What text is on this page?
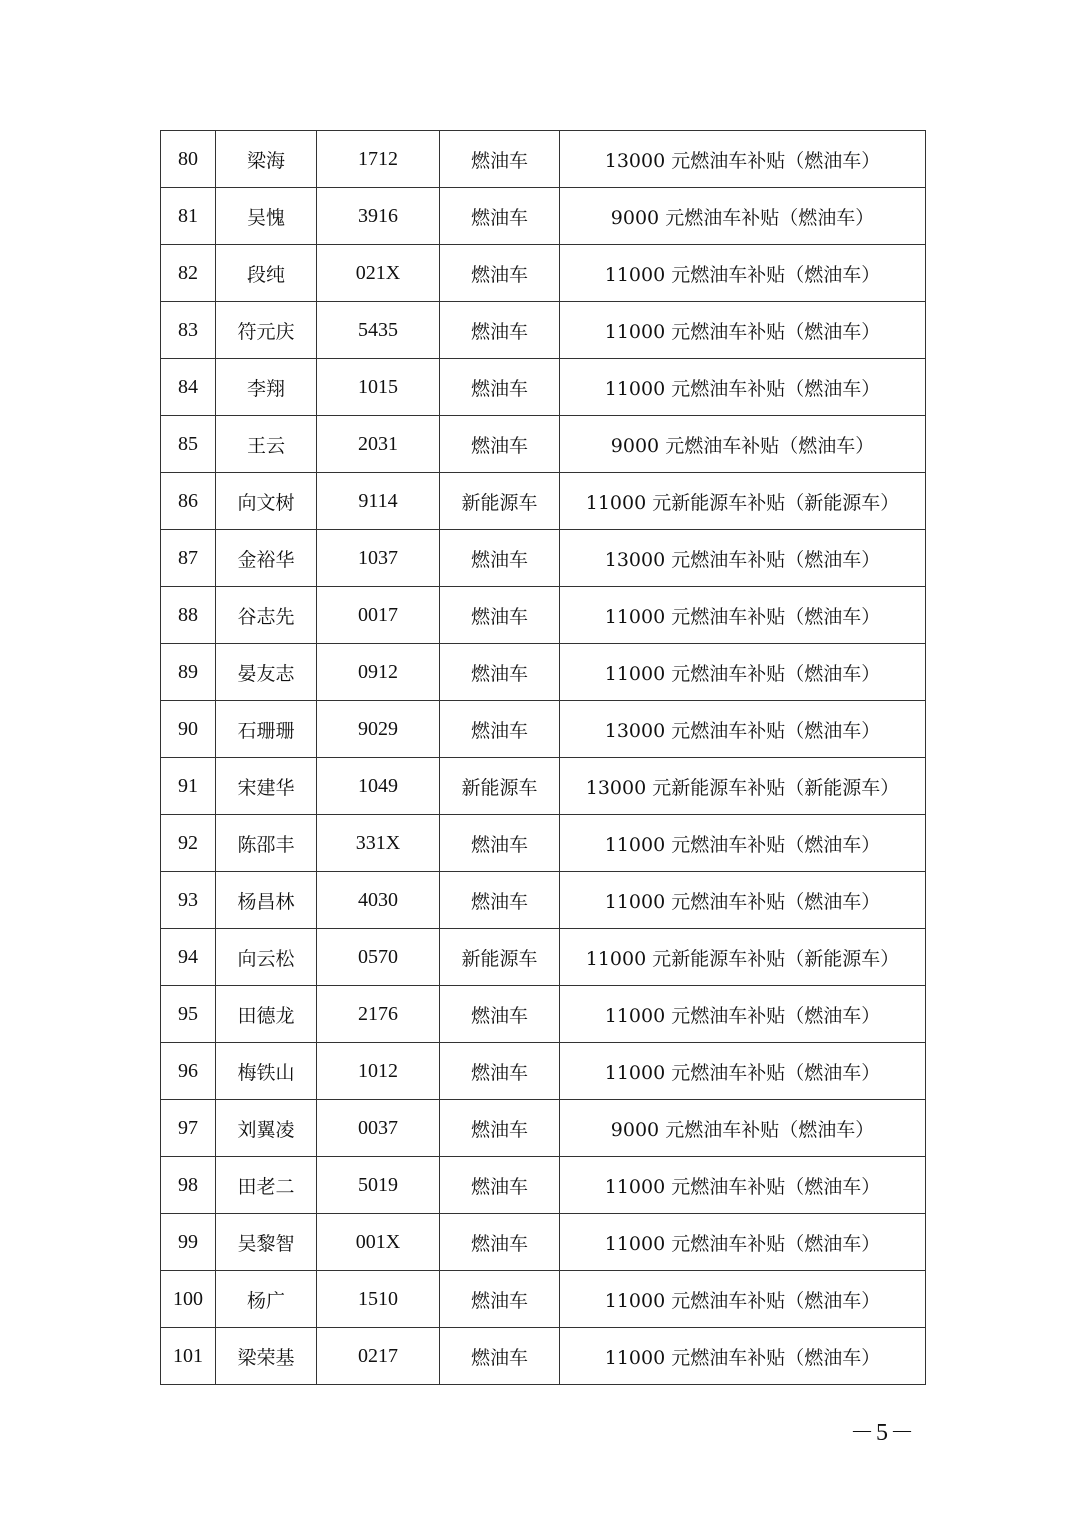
80	梁海	1712	燃油车	13000 元燃油车补贴（燃油车）
81	吴愧	3916	燃油车	9000 元燃油车补贴（燃油车）
82	段纯	021X	燃油车	11000 元燃油车补贴（燃油车）
83	符元庆	5435	燃油车	11000 元燃油车补贴（燃油车）
84	李翔	1015	燃油车	11000 元燃油车补贴（燃油车）
85	王云	2031	燃油车	9000 元燃油车补贴（燃油车）
86	向文树	9114	新能源车	11000 元新能源车补贴（新能源车）
87	金裕华	1037	燃油车	13000 元燃油车补贴（燃油车）
88	谷志先	0017	燃油车	11000 元燃油车补贴（燃油车）
89	晏友志	0912	燃油车	11000 元燃油车补贴（燃油车）
90	石珊珊	9029	燃油车	13000 元燃油车补贴（燃油车）
91	宋建华	1049	新能源车	13000 元新能源车补贴（新能源车）
92	陈邵丰	331X	燃油车	11000 元燃油车补贴（燃油车）
93	杨昌林	4030	燃油车	11000 元燃油车补贴（燃油车）
94	向云松	0570	新能源车	11000 元新能源车补贴（新能源车）
95	田德龙	2176	燃油车	11000 元燃油车补贴（燃油车）
96	梅铁山	1012	燃油车	11000 元燃油车补贴（燃油车）
97	刘翼凌	0037	燃油车	9000 元燃油车补贴（燃油车）
98	田老二	5019	燃油车	11000 元燃油车补贴（燃油车）
99	吴黎智	001X	燃油车	11000 元燃油车补贴（燃油车）
100	杨广	1510	燃油车	11000 元燃油车补贴（燃油车）
101	梁荣基	0217	燃油车	11000 元燃油车补贴（燃油车）
－5－
